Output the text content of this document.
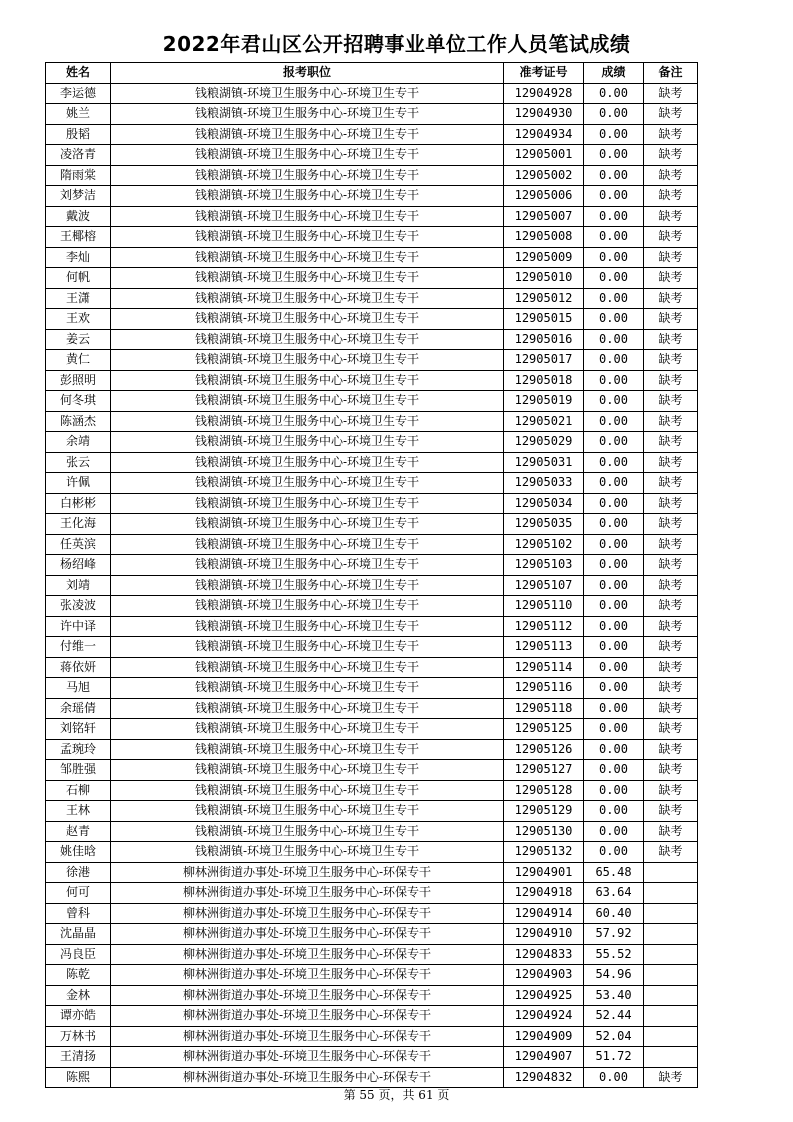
2022年君山区公开招聘事业单位工作人员笔试成绩
姓名	报考职位	准考证号	成绩	备注
李运德	钱粮湖镇-环境卫生服务中心-环境卫生专干	12904928	0.00	缺考
姚兰	钱粮湖镇-环境卫生服务中心-环境卫生专干	12904930	0.00	缺考
殷韬	钱粮湖镇-环境卫生服务中心-环境卫生专干	12904934	0.00	缺考
凌洛青	钱粮湖镇-环境卫生服务中心-环境卫生专干	12905001	0.00	缺考
隋雨棠	钱粮湖镇-环境卫生服务中心-环境卫生专干	12905002	0.00	缺考
刘梦洁	钱粮湖镇-环境卫生服务中心-环境卫生专干	12905006	0.00	缺考
戴波	钱粮湖镇-环境卫生服务中心-环境卫生专干	12905007	0.00	缺考
王椰榕	钱粮湖镇-环境卫生服务中心-环境卫生专干	12905008	0.00	缺考
李灿	钱粮湖镇-环境卫生服务中心-环境卫生专干	12905009	0.00	缺考
何帆	钱粮湖镇-环境卫生服务中心-环境卫生专干	12905010	0.00	缺考
王潇	钱粮湖镇-环境卫生服务中心-环境卫生专干	12905012	0.00	缺考
王欢	钱粮湖镇-环境卫生服务中心-环境卫生专干	12905015	0.00	缺考
姜云	钱粮湖镇-环境卫生服务中心-环境卫生专干	12905016	0.00	缺考
黄仁	钱粮湖镇-环境卫生服务中心-环境卫生专干	12905017	0.00	缺考
彭照明	钱粮湖镇-环境卫生服务中心-环境卫生专干	12905018	0.00	缺考
何冬琪	钱粮湖镇-环境卫生服务中心-环境卫生专干	12905019	0.00	缺考
陈涵杰	钱粮湖镇-环境卫生服务中心-环境卫生专干	12905021	0.00	缺考
余靖	钱粮湖镇-环境卫生服务中心-环境卫生专干	12905029	0.00	缺考
张云	钱粮湖镇-环境卫生服务中心-环境卫生专干	12905031	0.00	缺考
许佩	钱粮湖镇-环境卫生服务中心-环境卫生专干	12905033	0.00	缺考
白彬彬	钱粮湖镇-环境卫生服务中心-环境卫生专干	12905034	0.00	缺考
王化海	钱粮湖镇-环境卫生服务中心-环境卫生专干	12905035	0.00	缺考
任英滨	钱粮湖镇-环境卫生服务中心-环境卫生专干	12905102	0.00	缺考
杨绍峰	钱粮湖镇-环境卫生服务中心-环境卫生专干	12905103	0.00	缺考
刘靖	钱粮湖镇-环境卫生服务中心-环境卫生专干	12905107	0.00	缺考
张凌波	钱粮湖镇-环境卫生服务中心-环境卫生专干	12905110	0.00	缺考
许中译	钱粮湖镇-环境卫生服务中心-环境卫生专干	12905112	0.00	缺考
付维一	钱粮湖镇-环境卫生服务中心-环境卫生专干	12905113	0.00	缺考
蒋依妍	钱粮湖镇-环境卫生服务中心-环境卫生专干	12905114	0.00	缺考
马旭	钱粮湖镇-环境卫生服务中心-环境卫生专干	12905116	0.00	缺考
余瑶倩	钱粮湖镇-环境卫生服务中心-环境卫生专干	12905118	0.00	缺考
刘铭轩	钱粮湖镇-环境卫生服务中心-环境卫生专干	12905125	0.00	缺考
孟琬玲	钱粮湖镇-环境卫生服务中心-环境卫生专干	12905126	0.00	缺考
邹胜强	钱粮湖镇-环境卫生服务中心-环境卫生专干	12905127	0.00	缺考
石柳	钱粮湖镇-环境卫生服务中心-环境卫生专干	12905128	0.00	缺考
王林	钱粮湖镇-环境卫生服务中心-环境卫生专干	12905129	0.00	缺考
赵青	钱粮湖镇-环境卫生服务中心-环境卫生专干	12905130	0.00	缺考
姚佳晗	钱粮湖镇-环境卫生服务中心-环境卫生专干	12905132	0.00	缺考
徐港	柳林洲街道办事处-环境卫生服务中心-环保专干	12904901	65.48	
何可	柳林洲街道办事处-环境卫生服务中心-环保专干	12904918	63.64	
曾科	柳林洲街道办事处-环境卫生服务中心-环保专干	12904914	60.40	
沈晶晶	柳林洲街道办事处-环境卫生服务中心-环保专干	12904910	57.92	
冯良臣	柳林洲街道办事处-环境卫生服务中心-环保专干	12904833	55.52	
陈乾	柳林洲街道办事处-环境卫生服务中心-环保专干	12904903	54.96	
金林	柳林洲街道办事处-环境卫生服务中心-环保专干	12904925	53.40	
谭亦皓	柳林洲街道办事处-环境卫生服务中心-环保专干	12904924	52.44	
万林书	柳林洲街道办事处-环境卫生服务中心-环保专干	12904909	52.04	
王清扬	柳林洲街道办事处-环境卫生服务中心-环保专干	12904907	51.72	
陈熙	柳林洲街道办事处-环境卫生服务中心-环保专干	12904832	0.00	缺考
第 55 页，共 61 页
